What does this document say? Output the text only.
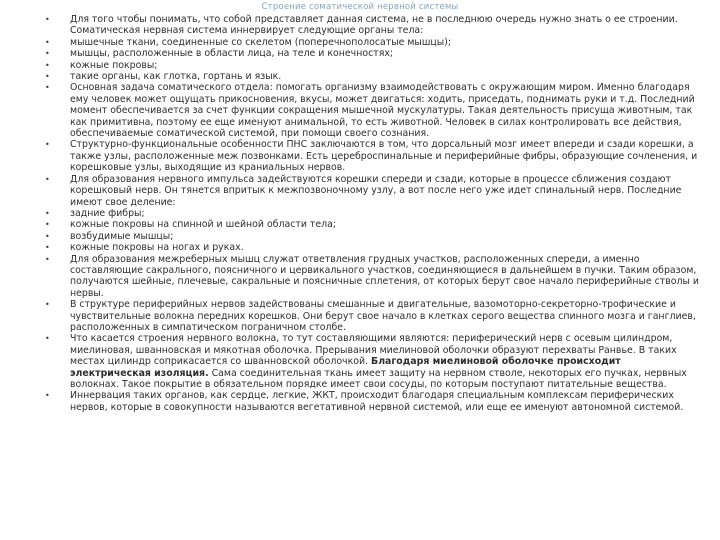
Строение соматической нервной системы
• Для того чтобы понимать, что собой представляет данная система, не в последнюю очередь нужно знать о ее строении. Соматическая нервная система иннервирует следующие органы тела:
• мышечные ткани, соединенные со скелетом (поперечнополосатые мышцы);
• мышцы, расположенные в области лица, на теле и конечностях;
• кожные покровы;
• такие органы, как глотка, гортань и язык.
• Основная задача соматического отдела: помогать организму взаимодействовать с окружающим миром. Именно благодаря ему человек может ощущать прикосновения, вкусы, может двигаться: ходить, приседать, поднимать руки и т.д. Последний момент обеспечивается за счет функции сокращения мышечной мускулатуры. Такая деятельность присуща животным, так как примитивна, поэтому ее еще именуют анимальной, то есть животной. Человек в силах контролировать все действия, обеспечиваемые соматической системой, при помощи своего сознания.
• Структурно-функциональные особенности ПНС заключаются в том, что дорсальный мозг имеет впереди и сзади корешки, а также узлы, расположенные меж позвонками. Есть цереброспинальные и периферийные фибры, образующие сочленения, и корешковые узлы, выходящие из краниальных нервов.
• Для образования нервного импульса задействуются корешки спереди и сзади, которые в процессе сближения создают корешковый нерв. Он тянется впритык к межпозвоночному узлу, а вот после него уже идет спинальный нерв. Последние имеют свое деление:
• задние фибры;
• кожные покровы на спинной и шейной области тела;
• возбудимые мышцы;
• кожные покровы на ногах и руках.
• Для образования межреберных мышц служат ответвления грудных участков, расположенных спереди, а именно составляющие сакрального, поясничного и цервикального участков, соединяющиеся в дальнейшем в пучки. Таким образом, получаются шейные, плечевые, сакральные и поясничные сплетения, от которых берут свое начало периферийные стволы и нервы.
• В структуре периферийных нервов задействованы смешанные и двигательные, вазомоторно-секреторно-трофические и чувствительные волокна передних корешков. Они берут свое начало в клетках серого вещества спинного мозга и ганглиев, расположенных в симпатическом пограничном столбе.
• Что касается строения нервного волокна, то тут составляющими являются: периферический нерв с осевым цилиндром, миелиновая, шванновская и мякотная оболочка. Прерывания миелиновой оболочки образуют перехваты Ранвье. В таких местах цилиндр соприкасается со шванновской оболочкой. Благодаря миелиновой оболочке происходит электрическая изоляция. Сама соединительная ткань имеет защиту на нервном стволе, некоторых его пучках, нервных волокнах. Такое покрытие в обязательном порядке имеет свои сосуды, по которым поступают питательные вещества.
• Иннервация таких органов, как сердце, легкие, ЖКТ, происходит благодаря специальным комплексам периферических нервов, которые в совокупности называются вегетативной нервной системой, или еще ее именуют автономной системой.
